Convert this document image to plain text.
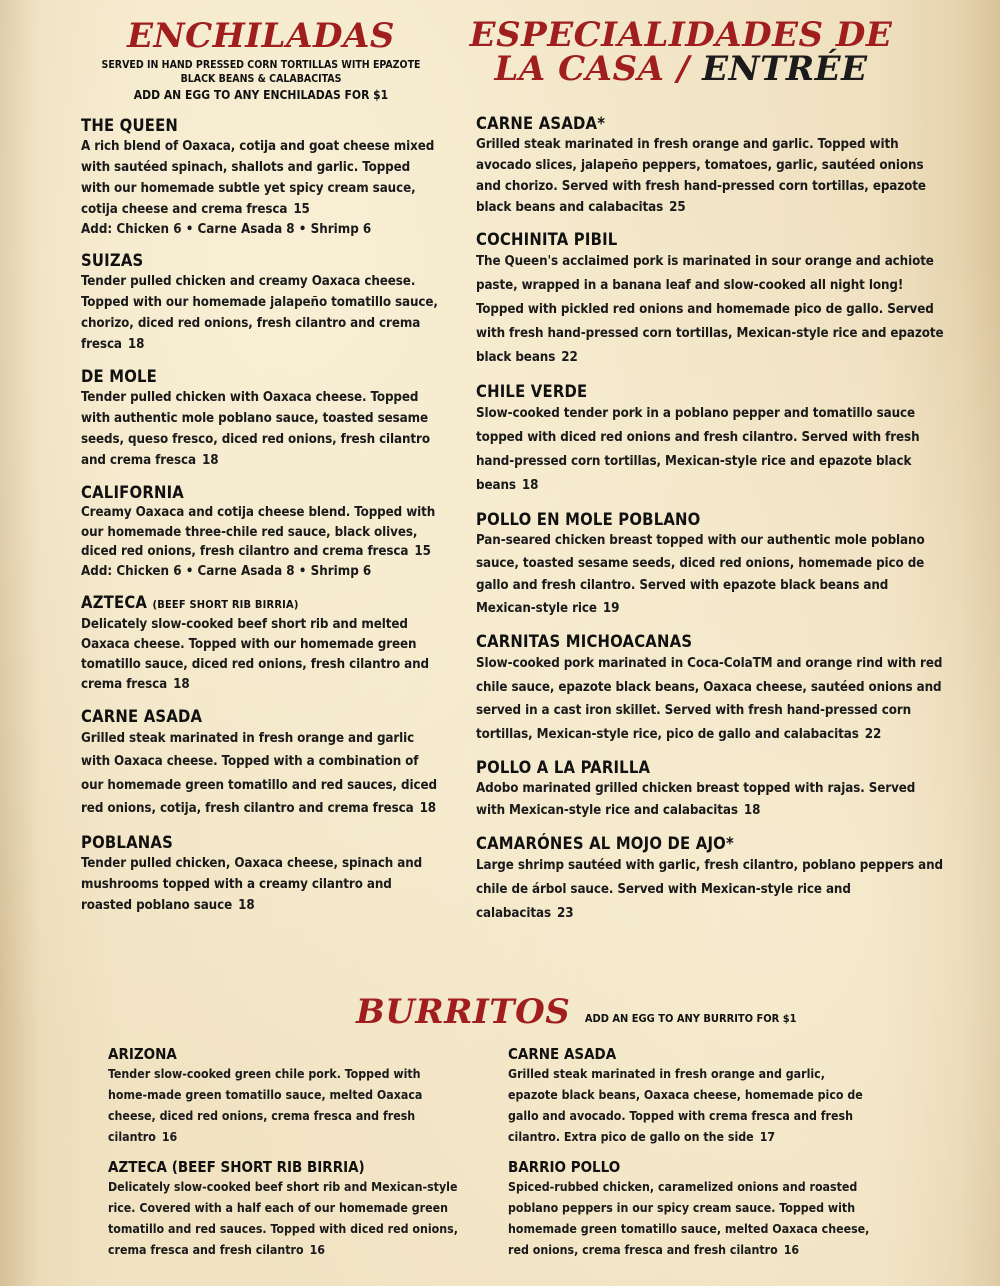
ENCHILADAS
SERVED IN HAND PRESSED CORN TORTILLAS WITH EPAZOTE
BLACK BEANS & CALABACITAS
ADD AN EGG TO ANY ENCHILADAS FOR $1
THE QUEEN
A rich blend of Oaxaca, cotija and goat cheese mixed with sautéed spinach, shallots and garlic. Topped with our homemade subtle yet spicy cream sauce, cotija cheese and crema fresca 15
Add: Chicken 6 • Carne Asada 8 • Shrimp 6
SUIZAS
Tender pulled chicken and creamy Oaxaca cheese. Topped with our homemade jalapeño tomatillo sauce, chorizo, diced red onions, fresh cilantro and crema fresca 18
DE MOLE
Tender pulled chicken with Oaxaca cheese. Topped with authentic mole poblano sauce, toasted sesame seeds, queso fresco, diced red onions, fresh cilantro and crema fresca 18
CALIFORNIA
Creamy Oaxaca and cotija cheese blend. Topped with our homemade three-chile red sauce, black olives, diced red onions, fresh cilantro and crema fresca 15
Add: Chicken 6 • Carne Asada 8 • Shrimp 6
AZTECA (BEEF SHORT RIB BIRRIA)
Delicately slow-cooked beef short rib and melted Oaxaca cheese. Topped with our homemade green tomatillo sauce, diced red onions, fresh cilantro and crema fresca 18
CARNE ASADA
Grilled steak marinated in fresh orange and garlic with Oaxaca cheese. Topped with a combination of our homemade green tomatillo and red sauces, diced red onions, cotija, fresh cilantro and crema fresca 18
POBLANAS
Tender pulled chicken, Oaxaca cheese, spinach and mushrooms topped with a creamy cilantro and roasted poblano sauce 18
ESPECIALIDADES DE LA CASA / ENTRÉE
CARNE ASADA*
Grilled steak marinated in fresh orange and garlic. Topped with avocado slices, jalapeño peppers, tomatoes, garlic, sautéed onions and chorizo. Served with fresh hand-pressed corn tortillas, epazote black beans and calabacitas 25
COCHINITA PIBIL
The Queen's acclaimed pork is marinated in sour orange and achiote paste, wrapped in a banana leaf and slow-cooked all night long! Topped with pickled red onions and homemade pico de gallo. Served with fresh hand-pressed corn tortillas, Mexican-style rice and epazote black beans 22
CHILE VERDE
Slow-cooked tender pork in a poblano pepper and tomatillo sauce topped with diced red onions and fresh cilantro. Served with fresh hand-pressed corn tortillas, Mexican-style rice and epazote black beans 18
POLLO EN MOLE POBLANO
Pan-seared chicken breast topped with our authentic mole poblano sauce, toasted sesame seeds, diced red onions, homemade pico de gallo and fresh cilantro. Served with epazote black beans and Mexican-style rice 19
CARNITAS MICHOACANAS
Slow-cooked pork marinated in Coca-ColaTM and orange rind with red chile sauce, epazote black beans, Oaxaca cheese, sautéed onions and served in a cast iron skillet. Served with fresh hand-pressed corn tortillas, Mexican-style rice, pico de gallo and calabacitas 22
POLLO A LA PARILLA
Adobo marinated grilled chicken breast topped with rajas. Served with Mexican-style rice and calabacitas 18
CAMARÓNES AL MOJO DE AJO*
Large shrimp sautéed with garlic, fresh cilantro, poblano peppers and chile de árbol sauce. Served with Mexican-style rice and calabacitas 23
BURRITOS ADD AN EGG TO ANY BURRITO FOR $1
ARIZONA
Tender slow-cooked green chile pork. Topped with home-made green tomatillo sauce, melted Oaxaca cheese, diced red onions, crema fresca and fresh cilantro 16
AZTECA (BEEF SHORT RIB BIRRIA)
Delicately slow-cooked beef short rib and Mexican-style rice. Covered with a half each of our homemade green tomatillo and red sauces. Topped with diced red onions, crema fresca and fresh cilantro 16
CARNE ASADA
Grilled steak marinated in fresh orange and garlic, epazote black beans, Oaxaca cheese, homemade pico de gallo and avocado. Topped with crema fresca and fresh cilantro. Extra pico de gallo on the side 17
BARRIO POLLO
Spiced-rubbed chicken, caramelized onions and roasted poblano peppers in our spicy cream sauce. Topped with homemade green tomatillo sauce, melted Oaxaca cheese, red onions, crema fresca and fresh cilantro 16
